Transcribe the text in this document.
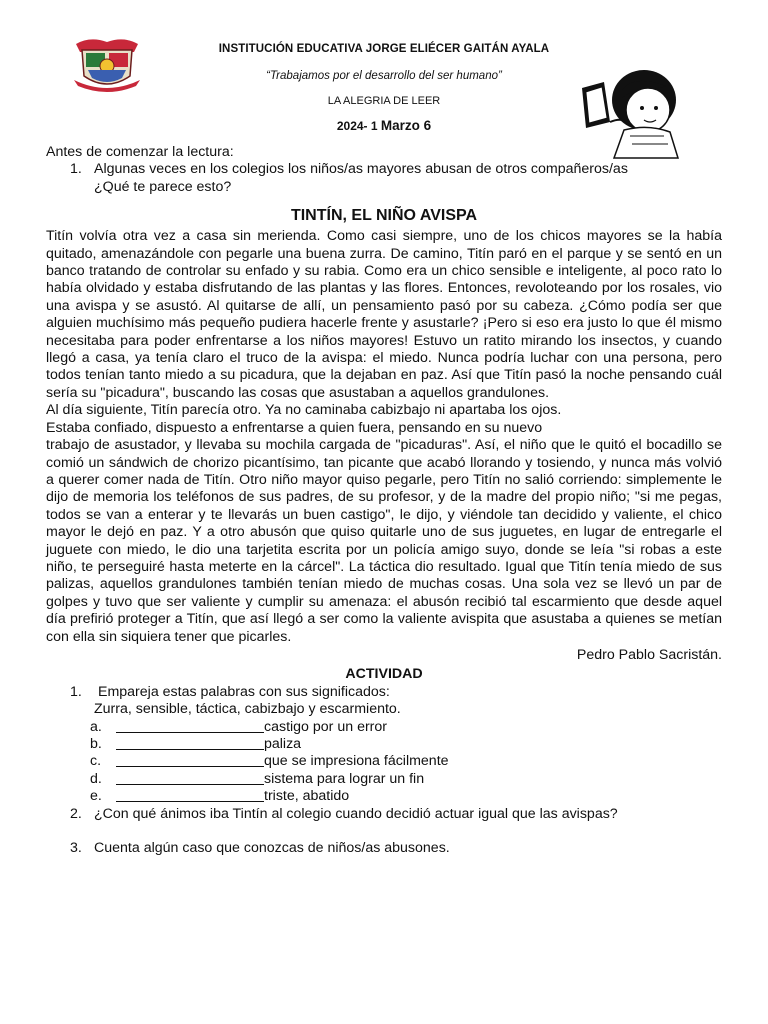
INSTITUCIÓN EDUCATIVA JORGE ELIÉCER GAITÁN AYALA
“Trabajamos por el desarrollo del ser humano”
LA ALEGRIA DE LEER
2024- 1 Marzo 6

Antes de comenzar la lectura:

1. Algunas veces en los colegios los niños/as mayores abusan de otros compañeros/as
¿Qué te parece esto?
TINTÍN, EL NIÑO AVISPA

Titín volvía otra vez a casa sin merienda. Como casi siempre, uno de los chicos mayores se la había quitado, amenazándole con pegarle una buena zurra. De camino, Titín paró en el parque y se sentó en un banco tratando de controlar su enfado y su rabia. Como era un chico sensible e inteligente, al poco rato lo había olvidado y estaba disfrutando de las plantas y las flores. Entonces, revoloteando por los rosales, vio una avispa y se asustó. Al quitarse de allí, un pensamiento pasó por su cabeza. ¿Cómo podía ser que alguien muchísimo más pequeño pudiera hacerle frente y asustarle? ¡Pero si eso era justo lo que él mismo necesitaba para poder enfrentarse a los niños mayores! Estuvo un ratito mirando los insectos, y cuando llegó a casa, ya tenía claro el truco de la avispa: el miedo. Nunca podría luchar con una persona, pero todos tenían tanto miedo a su picadura, que la dejaban en paz. Así que Titín pasó la noche pensando cuál sería su "picadura", buscando las cosas que asustaban a aquellos grandulones.

Al día siguiente, Titín parecía otro. Ya no caminaba cabizbajo ni apartaba los ojos.

Estaba confiado, dispuesto a enfrentarse a quien fuera, pensando en su nuevo

trabajo de asustador, y llevaba su mochila cargada de "picaduras". Así, el niño que le quitó el bocadillo se comió un sándwich de chorizo picantísimo, tan picante que acabó llorando y tosiendo, y nunca más volvió a querer comer nada de Titín. Otro niño mayor quiso pegarle, pero Titín no salió corriendo: simplemente le dijo de memoria los teléfonos de sus padres, de su profesor, y de la madre del propio niño; "si me pegas, todos se van a enterar y te llevarás un buen castigo", le dijo, y viéndole tan decidido y valiente, el chico mayor le dejó en paz. Y a otro abusón que quiso quitarle uno de sus juguetes, en lugar de entregarle el juguete con miedo, le dio una tarjetita escrita por un policía amigo suyo, donde se leía "si robas a este niño, te perseguiré hasta meterte en la cárcel". La táctica dio resultado. Igual que Titín tenía miedo de sus palizas, aquellos grandulones también tenían miedo de muchas cosas. Una sola vez se llevó un par de golpes y tuvo que ser valiente y cumplir su amenaza: el abusón recibió tal escarmiento que desde aquel día prefirió proteger a Titín, que así llegó a ser como la valiente avispita que asustaba a quienes se metían con ella sin siquiera tener que picarles.

Pedro Pablo Sacristán.
ACTIVIDAD
1.	Empareja estas palabras con sus significados:
Zurra, sensible, táctica, cabizbajo y escarmiento.
a.	castigo por un error
b.	paliza
c.	que se impresiona fácilmente
d.	sistema para lograr un fin
e.	triste, abatido
2. ¿Con qué ánimos iba Tintín al colegio cuando decidió actuar igual que las avispas?
3. Cuenta algún caso que conozcas de niños/as abusones.
